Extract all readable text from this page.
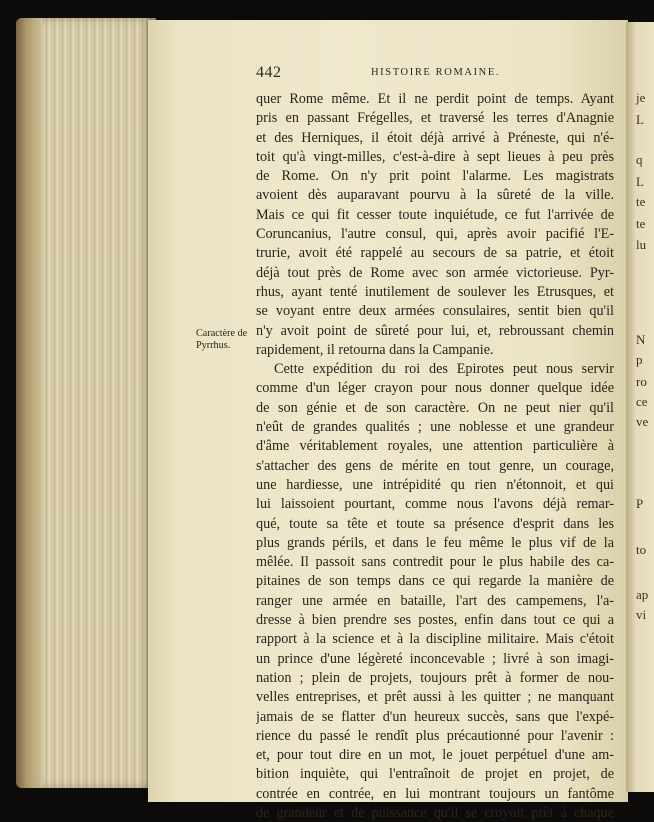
je
L
q
L
te
te
lu
N
p
ro
ce
ve
P
to
ap
vi
442	HISTOIRE ROMAINE.
Caractère de
Pyrrhus.
quer Rome même. Et il ne perdit point de temps. Ayant
pris en passant Frégelles, et traversé les terres d'Anagnie
et des Herniques, il étoit déjà arrivé à Préneste, qui n'é-
toit qu'à vingt-milles, c'est-à-dire à sept lieues à peu près
de Rome. On n'y prit point l'alarme. Les magistrats
avoient dès auparavant pourvu à la sûreté de la ville.
Mais ce qui fit cesser toute inquiétude, ce fut l'arrivée de
Coruncanius, l'autre consul, qui, après avoir pacifié l'E-
trurie, avoit été rappelé au secours de sa patrie, et étoit
déjà tout près de Rome avec son armée victorieuse. Pyr-
rhus, ayant tenté inutilement de soulever les Etrusques, et
se voyant entre deux armées consulaires, sentit bien qu'il
n'y avoit point de sûreté pour lui, et, rebroussant chemin
rapidement, il retourna dans la Campanie.
Cette expédition du roi des Epirotes peut nous servir
comme d'un léger crayon pour nous donner quelque idée
de son génie et de son caractère. On ne peut nier qu'il
n'eût de grandes qualités ; une noblesse et une grandeur
d'âme véritablement royales, une attention particulière à
s'attacher des gens de mérite en tout genre, un courage,
une hardiesse, une intrépidité qu rien n'étonnoit, et qui
lui laissoient pourtant, comme nous l'avons déjà remar-
qué, toute sa tête et toute sa présence d'esprit dans les
plus grands périls, et dans le feu même le plus vif de la
mêlée. Il passoit sans contredit pour le plus habile des ca-
pitaines de son temps dans ce qui regarde la manière de
ranger une armée en bataille, l'art des campemens, l'a-
dresse à bien prendre ses postes, enfin dans tout ce qui a
rapport à la science et à la discipline militaire. Mais c'étoit
un prince d'une légèreté inconcevable ; livré à son imagi-
nation ; plein de projets, toujours prêt à former de nou-
velles entreprises, et prêt aussi à les quitter ; ne manquant
jamais de se flatter d'un heureux succès, sans que l'expé-
rience du passé le rendît plus précautionné pour l'avenir :
et, pour tout dire en un mot, le jouet perpétuel d'une am-
bition inquiète, qui l'entraînoit de projet en projet, de
contrée en contrée, en lui montrant toujours un fantôme
de grandeur et de puissance qu'il se croyoit prêt à chaque
